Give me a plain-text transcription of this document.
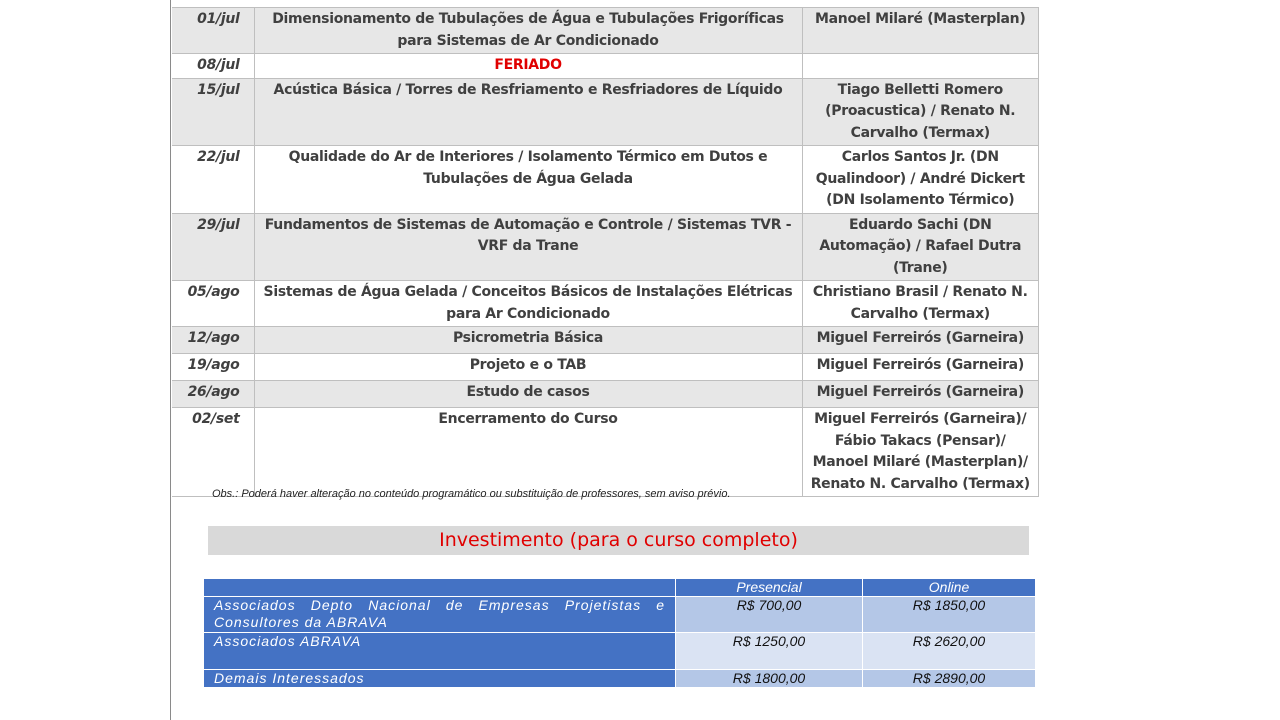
01/jul	Dimensionamento de Tubulações de Água e Tubulações Frigoríficas para Sistemas de Ar Condicionado	Manoel Milaré (Masterplan)
08/jul	FERIADO	
15/jul	Acústica Básica / Torres de Resfriamento e Resfriadores de Líquido	Tiago Belletti Romero (Proacustica) / Renato N. Carvalho (Termax)
22/jul	Qualidade do Ar de Interiores / Isolamento Térmico em Dutos e Tubulações de Água Gelada	Carlos Santos Jr. (DN Qualindoor) / André Dickert (DN Isolamento Térmico)
29/jul	Fundamentos de Sistemas de Automação e Controle / Sistemas TVR - VRF da Trane	Eduardo Sachi (DN Automação) / Rafael Dutra (Trane)
05/ago	Sistemas de Água Gelada / Conceitos Básicos de Instalações Elétricas para Ar Condicionado	Christiano Brasil / Renato N. Carvalho (Termax)
12/ago	Psicrometria Básica	Miguel Ferreirós (Garneira)
19/ago	Projeto e o TAB	Miguel Ferreirós (Garneira)
26/ago	Estudo de casos	Miguel Ferreirós (Garneira)
02/set	Encerramento do Curso	Miguel Ferreirós (Garneira)/ Fábio Takacs (Pensar)/ Manoel Milaré (Masterplan)/ Renato N. Carvalho (Termax)
Obs.: Poderá haver alteração no conteúdo programático ou substituição de professores, sem aviso prévio.
Investimento (para o curso completo)
	Presencial	Online
Associados Depto Nacional de Empresas Projetistas e Consultores da ABRAVA	R$ 700,00	R$ 1850,00
Associados ABRAVA	R$ 1250,00	R$ 2620,00
Demais Interessados	R$ 1800,00	R$ 2890,00
